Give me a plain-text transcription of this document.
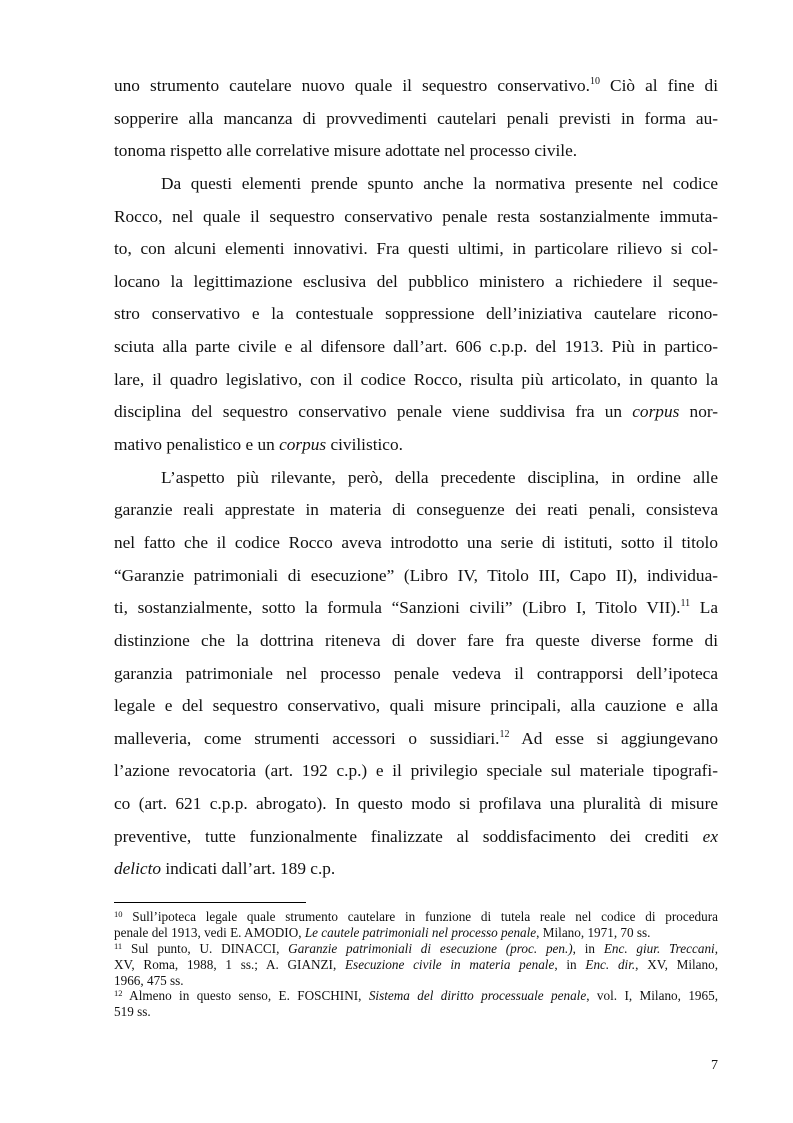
uno strumento cautelare nuovo quale il sequestro conservativo.$^{10}$ Ciò al fine di
sopperire alla mancanza di provvedimenti cautelari penali previsti in forma au-
tonoma rispetto alle correlative misure adottate nel processo civile.
Da questi elementi prende spunto anche la normativa presente nel codice
Rocco, nel quale il sequestro conservativo penale resta sostanzialmente immuta-
to, con alcuni elementi innovativi. Fra questi ultimi, in particolare rilievo si col-
locano la legittimazione esclusiva del pubblico ministero a richiedere il seque-
stro conservativo e la contestuale soppressione dell’iniziativa cautelare ricono-
sciuta alla parte civile e al difensore dall’art. 606 c.p.p. del 1913. Più in partico-
lare, il quadro legislativo, con il codice Rocco, risulta più articolato, in quanto la
disciplina del sequestro conservativo penale viene suddivisa fra un corpus nor-
mativo penalistico e un corpus civilistico.
L’aspetto più rilevante, però, della precedente disciplina, in ordine alle
garanzie reali apprestate in materia di conseguenze dei reati penali, consisteva
nel fatto che il codice Rocco aveva introdotto una serie di istituti, sotto il titolo
“Garanzie patrimoniali di esecuzione” (Libro IV, Titolo III, Capo II), individua-
ti, sostanzialmente, sotto la formula “Sanzioni civili” (Libro I, Titolo VII).$^{11}$ La
distinzione che la dottrina riteneva di dover fare fra queste diverse forme di
garanzia patrimoniale nel processo penale vedeva il contrapporsi dell’ipoteca
legale e del sequestro conservativo, quali misure principali, alla cauzione e alla
malleveria, come strumenti accessori o sussidiari.$^{12}$ Ad esse si aggiungevano
l’azione revocatoria (art. 192 c.p.) e il privilegio speciale sul materiale tipografi-
co (art. 621 c.p.p. abrogato). In questo modo si profilava una pluralità di misure
preventive, tutte funzionalmente finalizzate al soddisfacimento dei crediti ex
delicto indicati dall’art. 189 c.p.
$^{10}$ Sull’ipoteca legale quale strumento cautelare in funzione di tutela reale nel codice di procedura
penale del 1913, vedi E. AMODIO, Le cautele patrimoniali nel processo penale, Milano, 1971, 70 ss.
$^{11}$ Sul punto, U. DINACCI, Garanzie patrimoniali di esecuzione (proc. pen.), in Enc. giur. Treccani,
XV, Roma, 1988, 1 ss.; A. GIANZI, Esecuzione civile in materia penale, in Enc. dir., XV, Milano,
1966, 475 ss.
$^{12}$ Almeno in questo senso, E. FOSCHINI, Sistema del diritto processuale penale, vol. I, Milano, 1965,
519 ss.
7
